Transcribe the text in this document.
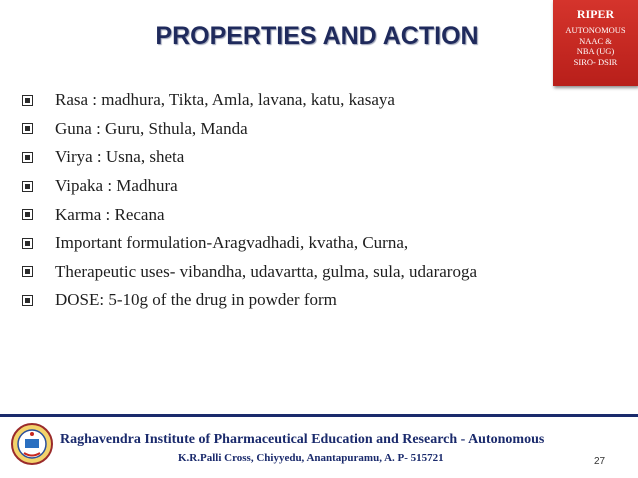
PROPERTIES AND ACTION
RIPER
AUTONOMOUS
NAAC &
NBA (UG)
SIRO- DSIR
Rasa : madhura, Tikta, Amla, lavana, katu, kasaya
Guna : Guru, Sthula, Manda
Virya : Usna, sheta
Vipaka : Madhura
Karma : Recana
Important formulation-Aragvadhadi, kvatha, Curna,
Therapeutic uses- vibandha, udavartta, gulma, sula, udararoga
DOSE: 5-10g of the drug in powder form
Raghavendra Institute of Pharmaceutical Education and Research - Autonomous
K.R.Palli Cross, Chiyyedu, Anantapuramu, A. P- 515721	27
